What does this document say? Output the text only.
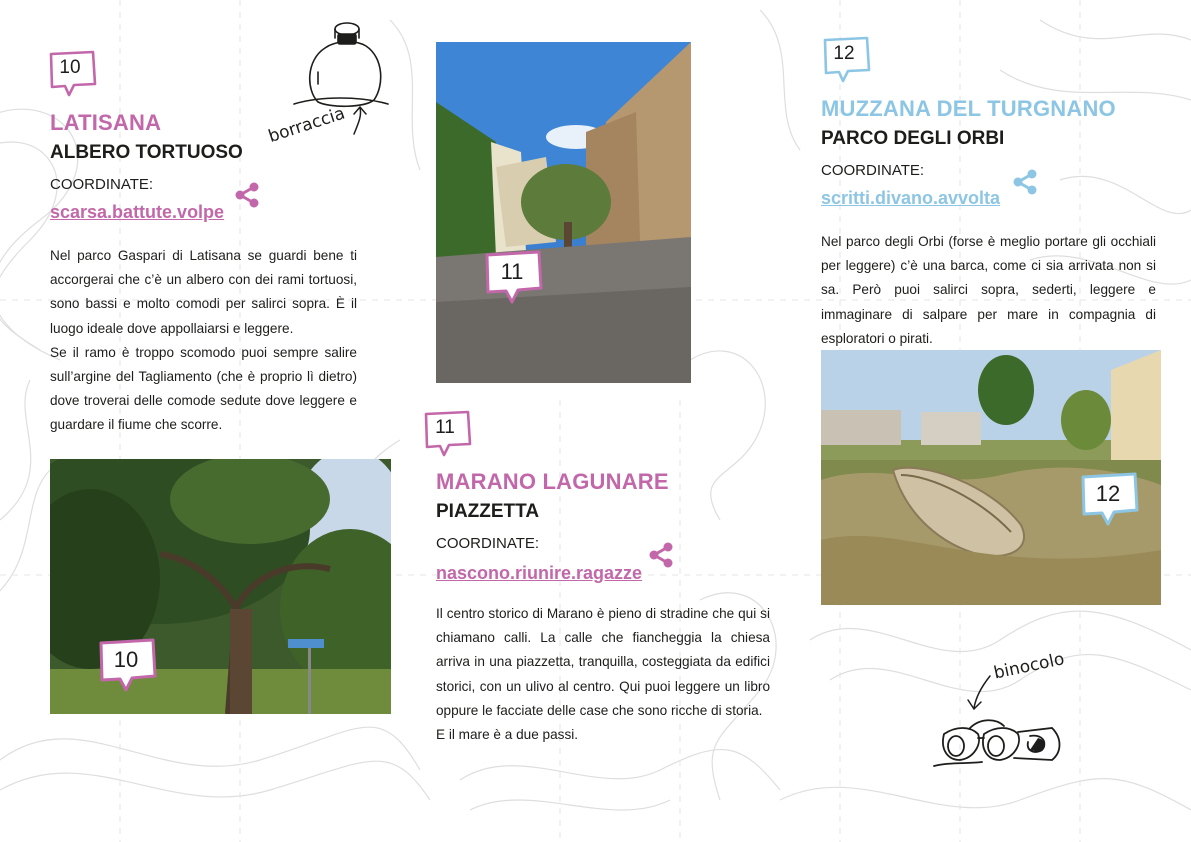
10
LATISANA
ALBERO TORTUOSO
COORDINATE:
scarsa.battute.volpe
borraccia

Nel parco Gaspari di Latisana se guardi bene ti accorgerai che c’è un albero con dei rami tortuosi, sono bassi e molto comodi per salirci sopra. È il luogo ideale dove appollaiarsi e leggere.

Se il ramo è troppo scomodo puoi sempre salire sull’argine del Tagliamento (che è proprio lì dietro) dove troverai delle comode sedute dove leggere e guardare il fiume che scorre.

10
11
11
MARANO LAGUNARE
PIAZZETTA
COORDINATE:
nascono.riunire.ragazze

Il centro storico di Marano è pieno di stradine che qui si chiamano calli. La calle che fiancheggia la chiesa arriva in una piazzetta, tranquilla, costeggiata da edifici storici, con un ulivo al centro. Qui puoi leggere un libro oppure le facciate delle case che sono ricche di storia.

E il mare è a due passi.

12
MUZZANA DEL TURGNANO
PARCO DEGLI ORBI
COORDINATE:
scritti.divano.avvolta

Nel parco degli Orbi (forse è meglio portare gli occhiali per leggere) c’è una barca, come ci sia arrivata non si sa. Però puoi salirci sopra, sederti, leggere e immaginare di salpare per mare in compagnia di esploratori o pirati.

12
binocolo
